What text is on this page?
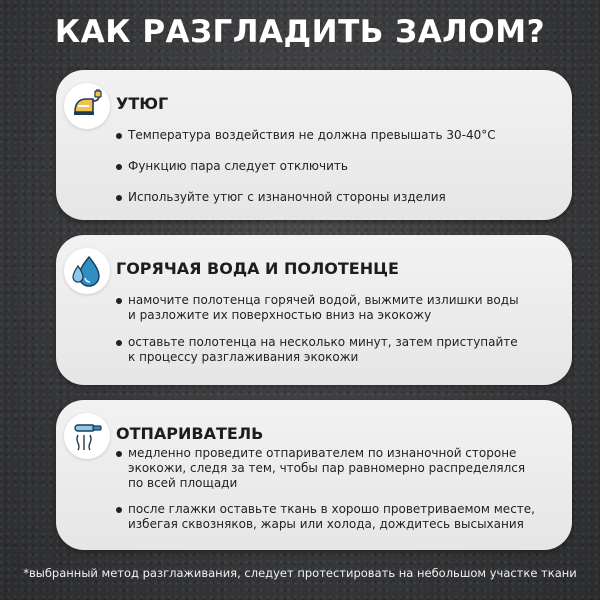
КАК РАЗГЛАДИТЬ ЗАЛОМ?
УТЮГ
Температура воздействия не должна превышать 30-40°C
Функцию пара следует отключить
Используйте утюг с изнаночной стороны изделия
ГОРЯЧАЯ ВОДА И ПОЛОТЕНЦЕ
намочите полотенца горячей водой, выжмите излишки воды
и разложите их поверхностью вниз на экокожу
оставьте полотенца на несколько минут, затем приступайте
к процессу разглаживания экокожи
ОТПАРИВАТЕЛЬ
медленно проведите отпаривателем по изнаночной стороне
экокожи, следя за тем, чтобы пар равномерно распределялся
по всей площади
после глажки оставьте ткань в хорошо проветриваемом месте,
избегая сквозняков, жары или холода, дождитесь высыхания
*выбранный метод разглаживания, следует протестировать на небольшом участке ткани
